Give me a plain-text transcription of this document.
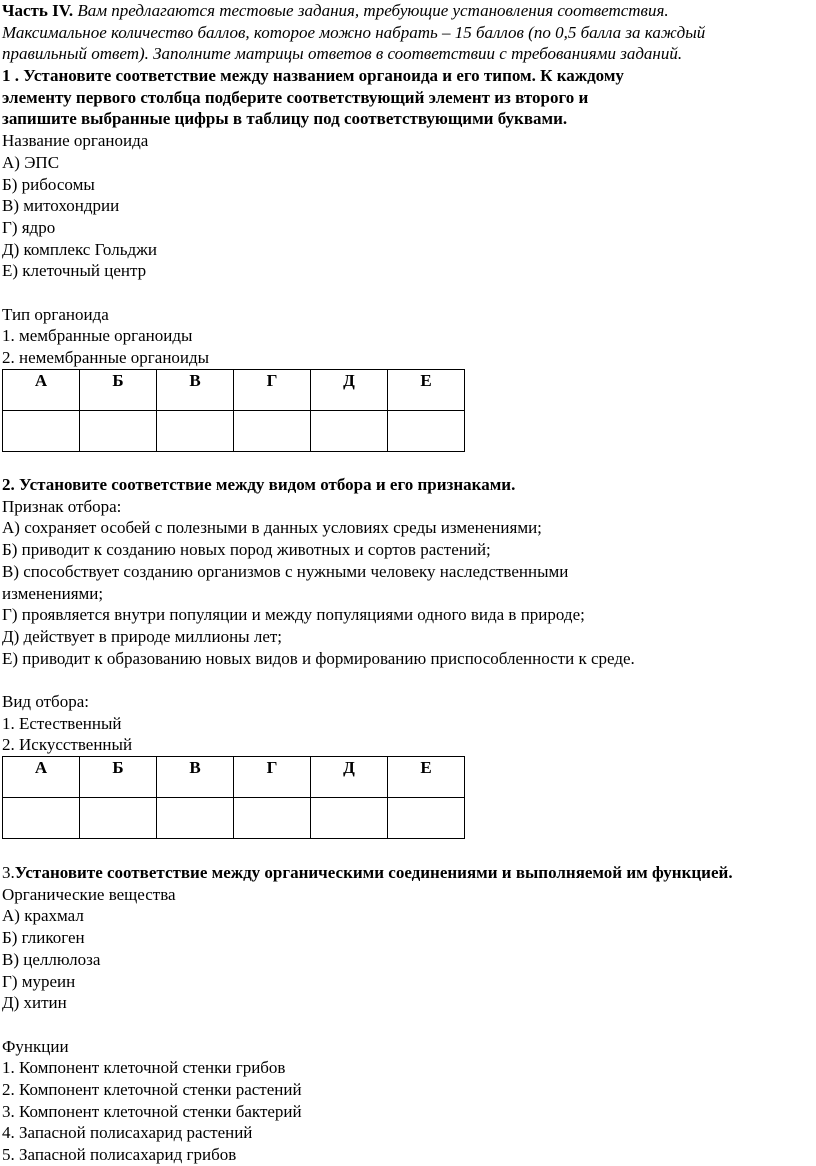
Часть IV. Вам предлагаются тестовые задания, требующие установления соответствия.
Максимальное количество баллов, которое можно набрать – 15 баллов (по 0,5 балла за каждый
правильный ответ). Заполните матрицы ответов в соответствии с требованиями заданий.
1 . Установите соответствие между названием органоида и его типом. К каждому
элементу первого столбца подберите соответствующий элемент из второго и
запишите выбранные цифры в таблицу под соответствующими буквами.
Название органоида
А) ЭПС
Б) рибосомы
В) митохондрии
Г) ядро
Д) комплекс Гольджи
Е) клеточный центр
Тип органоида
1. мембранные органоиды
2. немембранные органоиды
А	Б	В	Г	Д	Е

2. Установите соответствие между видом отбора и его признаками.
Признак отбора:
А) сохраняет особей с полезными в данных условиях среды изменениями;
Б) приводит к созданию новых пород животных и сортов растений;
В) способствует созданию организмов с нужными человеку наследственными
изменениями;
Г) проявляется внутри популяции и между популяциями одного вида в природе;
Д) действует в природе миллионы лет;
Е) приводит к образованию новых видов и формированию приспособленности к среде.
Вид отбора:
1. Естественный
2. Искусственный
А	Б	В	Г	Д	Е

3.Установите соответствие между органическими соединениями и выполняемой им функцией.
Органические вещества
А) крахмал
Б) гликоген
В) целлюлоза
Г) муреин
Д) хитин
Функции
1. Компонент клеточной стенки грибов
2. Компонент клеточной стенки растений
3. Компонент клеточной стенки бактерий
4. Запасной полисахарид растений
5. Запасной полисахарид грибов
